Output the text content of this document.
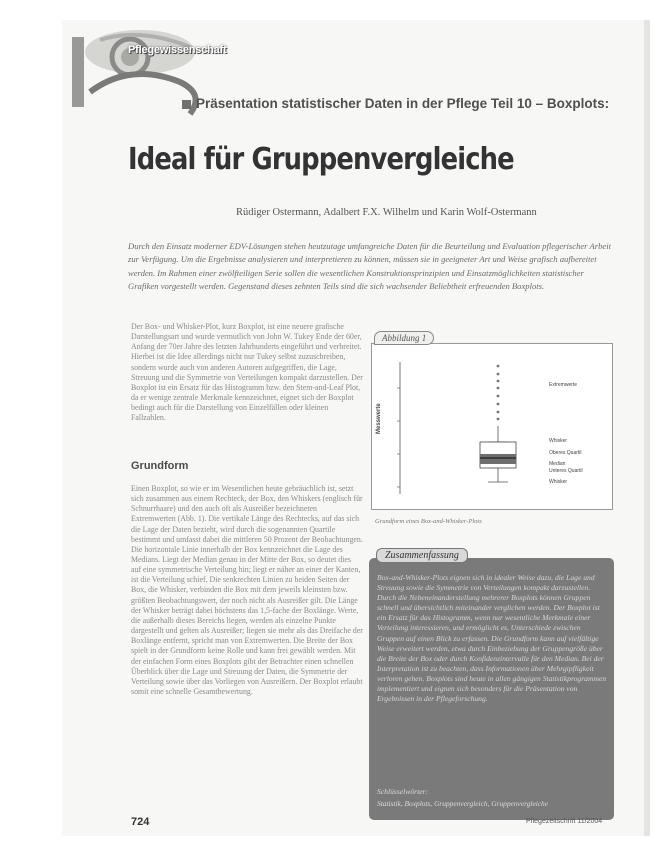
Pflegewissenschaft
Präsentation statistischer Daten in der Pflege Teil 10 – Boxplots:
Ideal für Gruppenvergleiche
Rüdiger Ostermann, Adalbert F.X. Wilhelm und Karin Wolf-Ostermann
Durch den Einsatz moderner EDV-Lösungen stehen heutzutage umfangreiche Daten für die Beurteilung und Evaluation pflegerischer Arbeit zur Verfügung. Um die Ergebnisse analysieren und interpretieren zu können, müssen sie in geeigneter Art und Weise grafisch aufbereitet werden. Im Rahmen einer zwölfteiligen Serie sollen die wesentlichen Konstruktionsprinzipien und Einsatzmöglichkeiten statistischer Grafiken vorgestellt werden. Gegenstand dieses zehnten Teils sind die sich wachsender Beliebtheit erfreuenden Boxplots.

Der Box- und Whisker-Plot, kurz Boxplot, ist eine neuere grafische Darstellungsart und wurde vermutlich von John W. Tukey Ende der 60er, Anfang der 70er Jahre des letzten Jahrhunderts eingeführt und verbreitet. Hierbei ist die Idee allerdings nicht nur Tukey selbst zuzuschreiben, sondern wurde auch von anderen Autoren aufgegriffen, die Lage, Streuung und die Symmetrie von Verteilungen kompakt darzustellen. Der Boxplot ist ein Ersatz für das Histogramm bzw. den Stem-and-Leaf Plot, da er wenige zentrale Merkmale kennzeichnet, eignet sich der Boxplot bedingt auch für die Darstellung von Einzelfällen oder kleinen Fallzahlen.

Grundform

Einen Boxplot, so wie er im Wesentlichen heute gebräuchlich ist, setzt sich zusammen aus einem Rechteck, der Box, den Whiskers (englisch für Schnurrhaare) und den auch oft als Ausreißer bezeichneten Extremwerten (Abb. 1). Die vertikale Länge des Rechtecks, auf das sich die Lage der Daten bezieht, wird durch die sogenannten Quartile bestimmt und umfasst dabei die mittleren 50 Prozent der Beobachtungen. Die horizontale Linie innerhalb der Box kennzeichnet die Lage des Medians. Liegt der Median genau in der Mitte der Box, so deutet dies auf eine symmetrische Verteilung hin; liegt er näher an einer der Kanten, ist die Verteilung schief. Die senkrechten Linien zu beiden Seiten der Box, die Whisker, verbinden die Box mit dem jeweils kleinsten bzw. größten Beobachtungswert, der noch nicht als Ausreißer gilt. Die Länge der Whisker beträgt dabei höchstens das 1,5-fache der Boxlänge. Werte, die außerhalb dieses Bereichs liegen, werden als einzelne Punkte dargestellt und gelten als Ausreißer; liegen sie mehr als das Dreifache der Boxlänge entfernt, spricht man von Extremwerten. Die Breite der Box spielt in der Grundform keine Rolle und kann frei gewählt werden. Mit der einfachen Form eines Boxplots gibt der Betrachter einen schnellen Überblick über die Lage und Streuung der Daten, die Symmetrie der Verteilung sowie über das Vorliegen von Ausreißern. Der Boxplot erlaubt somit eine schnelle Gesamtbewertung.

Messwerte
Extremwerte
Whisker
Oberes Quartil
Median
Unteres Quartil
Whisker
Abbildung 1
Grundform eines Box-and-Whisker-Plots
Zusammenfassung
Box-and-Whisker-Plots eignen sich in idealer Weise dazu, die Lage und Streuung sowie die Symmetrie von Verteilungen kompakt darzustellen. Durch die Nebeneinanderstellung mehrerer Boxplots können Gruppen schnell und übersichtlich miteinander verglichen werden. Der Boxplot ist ein Ersatz für das Histogramm, wenn nur wesentliche Merkmale einer Verteilung interessieren, und ermöglicht es, Unterschiede zwischen Gruppen auf einen Blick zu erfassen. Die Grundform kann auf vielfältige Weise erweitert werden, etwa durch Einbeziehung der Gruppengröße über die Breite der Box oder durch Konfidenzintervalle für den Median. Bei der Interpretation ist zu beachten, dass Informationen über Mehrgipfligkeit verloren gehen. Boxplots sind heute in allen gängigen Statistikprogrammen implementiert und eignen sich besonders für die Präsentation von Ergebnissen in der Pflegeforschung.
Schlüsselwörter:
Statistik, Boxplots, Gruppenvergleich, Gruppenvergleiche
724	Pflegezeitschrift 11/2004
